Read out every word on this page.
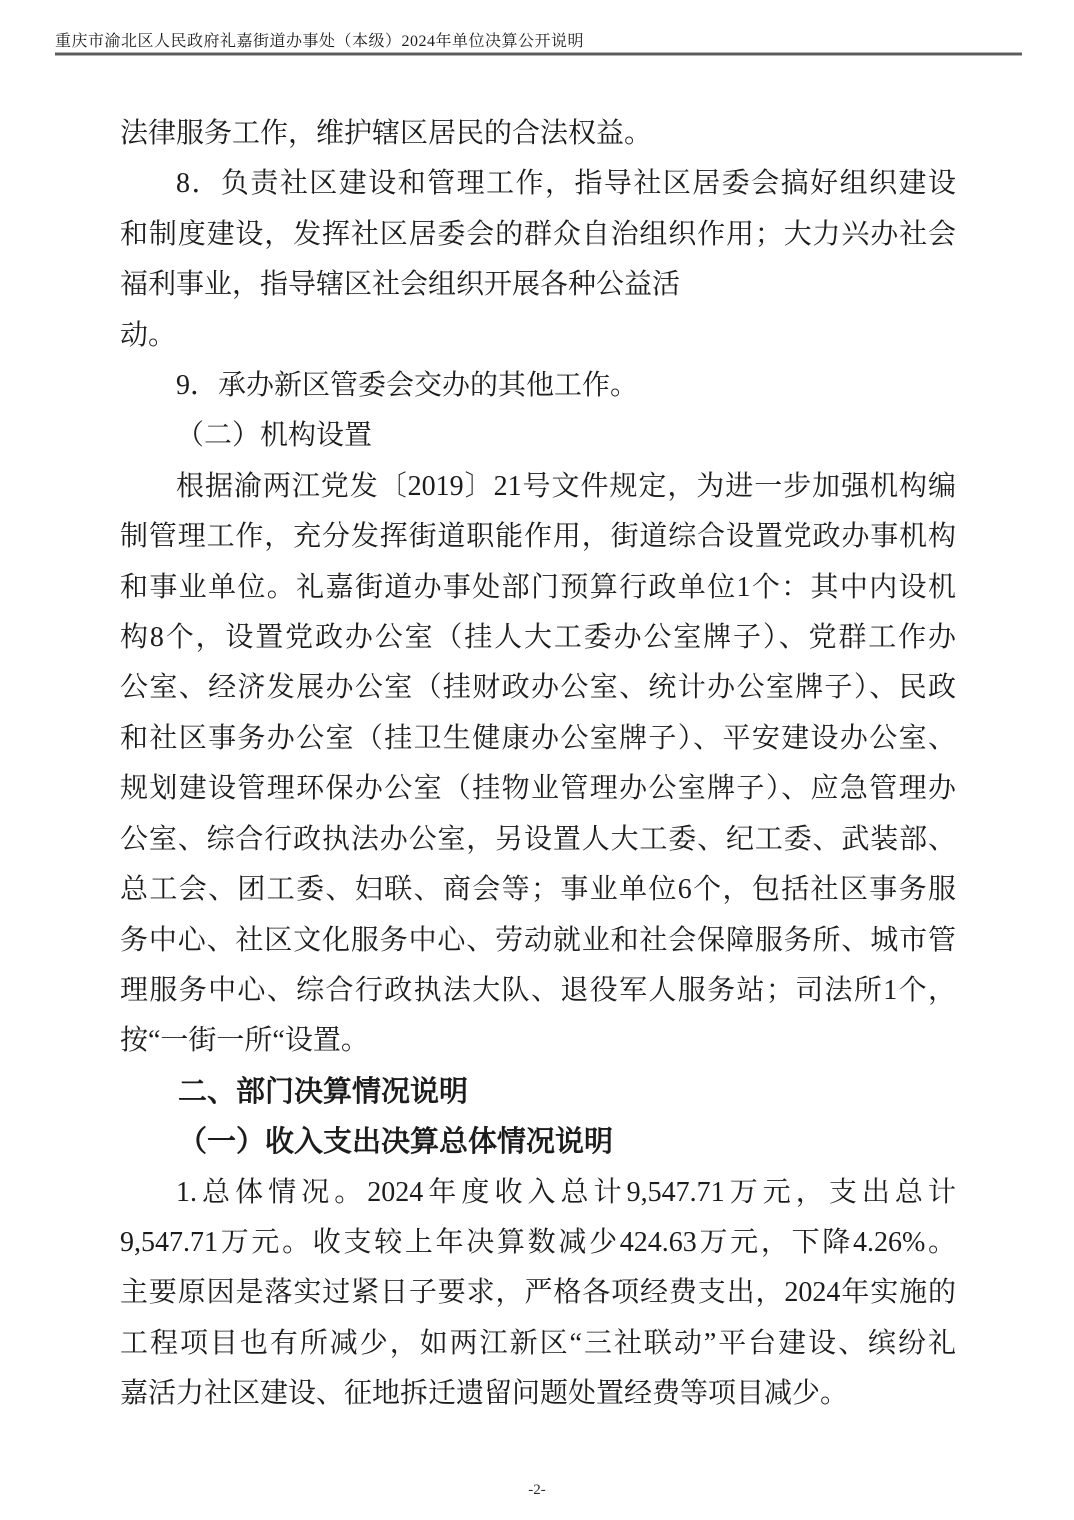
重庆市渝北区人民政府礼嘉街道办事处（本级）2024年单位决算公开说明
法律服务工作，维护辖区居民的合法权益。
8．负责社区建设和管理工作，指导社区居委会搞好组织建设
和制度建设，发挥社区居委会的群众自治组织作用；大力兴办社会
福利事业，指导辖区社会组织开展各种公益活
动。
9．承办新区管委会交办的其他工作。
（二）机构设置
根据渝两江党发〔2019〕21号文件规定，为进一步加强机构编
制管理工作，充分发挥街道职能作用，街道综合设置党政办事机构
和事业单位。礼嘉街道办事处部门预算行政单位1个：其中内设机
构8个，设置党政办公室（挂人大工委办公室牌子）、党群工作办
公室、经济发展办公室（挂财政办公室、统计办公室牌子）、民政
和社区事务办公室（挂卫生健康办公室牌子）、平安建设办公室、
规划建设管理环保办公室（挂物业管理办公室牌子）、应急管理办
公室、综合行政执法办公室，另设置人大工委、纪工委、武装部、
总工会、团工委、妇联、商会等；事业单位6个，包括社区事务服
务中心、社区文化服务中心、劳动就业和社会保障服务所、城市管
理服务中心、综合行政执法大队、退役军人服务站；司法所1个，
按“一街一所“设置。
二、部门决算情况说明
（一）收入支出决算总体情况说明
1.总体情况。2024年度收入总计9,547.71万元，支出总计
9,547.71万元。收支较上年决算数减少424.63万元，下降4.26%。
主要原因是落实过紧日子要求，严格各项经费支出，2024年实施的
工程项目也有所减少，如两江新区“三社联动”平台建设、缤纷礼
嘉活力社区建设、征地拆迁遗留问题处置经费等项目减少。
-2-
